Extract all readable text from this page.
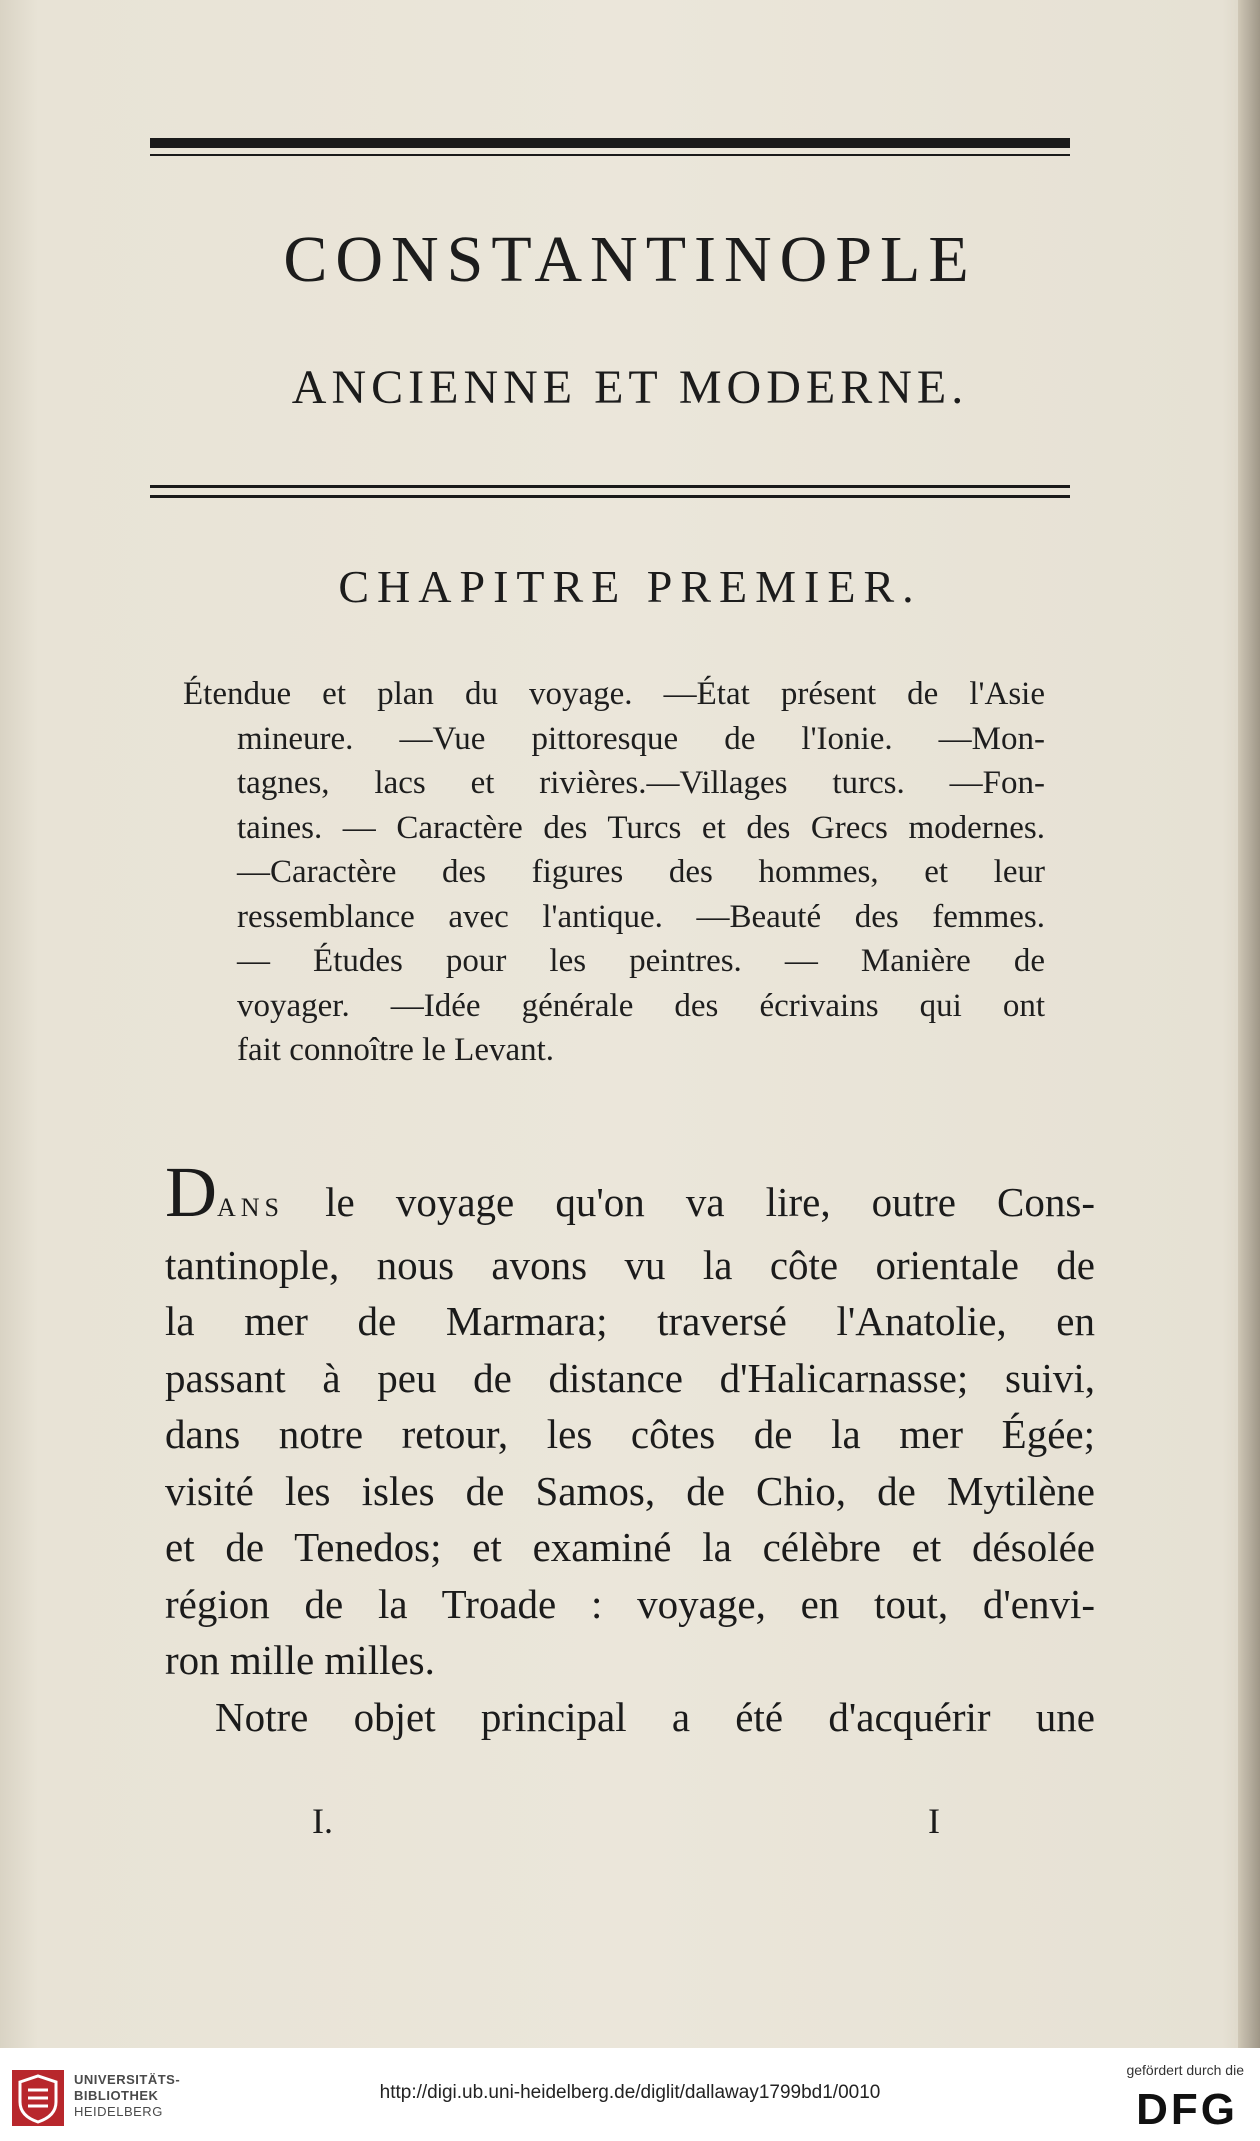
CONSTANTINOPLE
ANCIENNE ET MODERNE.
CHAPITRE PREMIER.
Étendue et plan du voyage. —État présent de l'Asie
mineure. —Vue pittoresque de l'Ionie. —Mon-
tagnes, lacs et rivières.—Villages turcs. —Fon-
taines. — Caractère des Turcs et des Grecs modernes.
—Caractère des figures des hommes, et leur
ressemblance avec l'antique. —Beauté des femmes.
— Études pour les peintres. — Manière de
voyager. —Idée générale des écrivains qui ont
fait connoître le Levant.
DANS le voyage qu'on va lire, outre Cons-
tantinople, nous avons vu la côte orientale de
la mer de Marmara; traversé l'Anatolie, en
passant à peu de distance d'Halicarnasse; suivi,
dans notre retour, les côtes de la mer Égée;
visité les isles de Samos, de Chio, de Mytilène
et de Tenedos; et examiné la célèbre et désolée
région de la Troade : voyage, en tout, d'envi-
ron mille milles.
Notre objet principal a été d'acquérir une
I.	I
UNIVERSITÄTS-
BIBLIOTHEK
HEIDELBERG
http://digi.ub.uni-heidelberg.de/diglit/dallaway1799bd1/0010
gefördert durch die
DFG
